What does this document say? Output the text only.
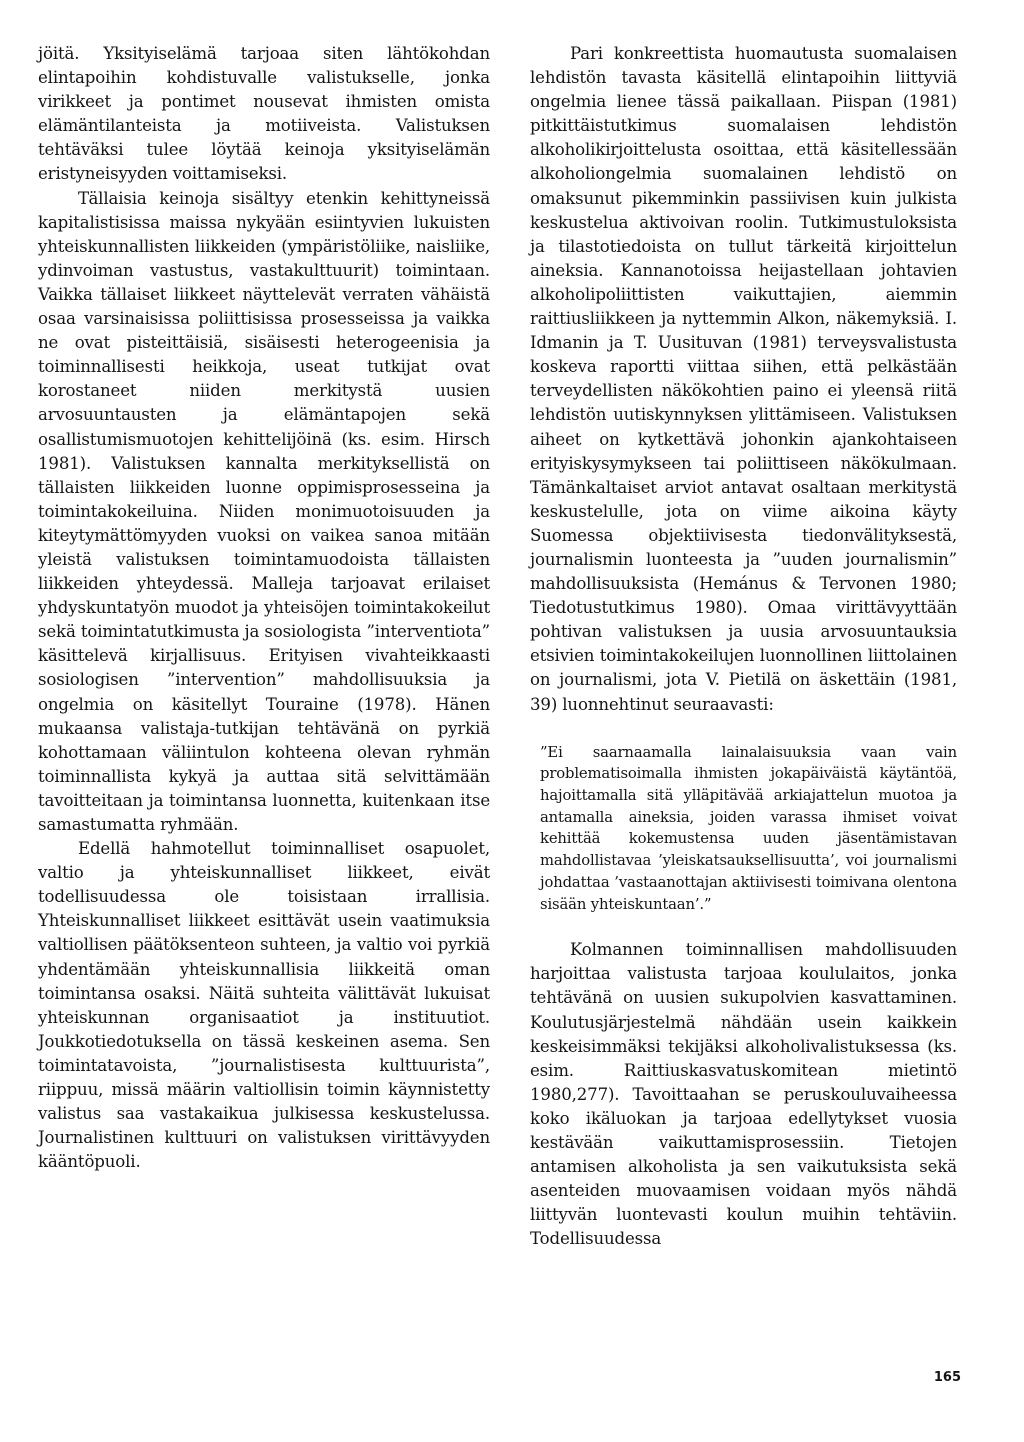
jöitä. Yksityiselämä tarjoaa siten lähtökohdan elintapoihin kohdistuvalle valistukselle, jonka virikkeet ja pontimet nousevat ihmisten omista elämäntilanteista ja motiiveista. Valistuksen tehtäväksi tulee löytää keinoja yksityiselämän eristyneisyyden voittamiseksi.

Tällaisia keinoja sisältyy etenkin kehittyneissä kapitalistisissa maissa nykyään esiintyvien lukuisten yhteiskunnallisten liikkeiden (ympäristöliike, naisliike, ydinvoiman vastustus, vastakulttuurit) toimintaan. Vaikka tällaiset liikkeet näyttelevät verraten vähäistä osaa varsinaisissa poliittisissa prosesseissa ja vaikka ne ovat pisteittäisiä, sisäisesti heterogeenisia ja toiminnallisesti heikkoja, useat tutkijat ovat korostaneet niiden merkitystä uusien arvosuuntausten ja elämäntapojen sekä osallistumismuotojen kehittelijöinä (ks. esim. Hirsch 1981). Valistuksen kannalta merkityksellistä on tällaisten liikkeiden luonne oppimisprosesseina ja toimintakokeiluina. Niiden monimuotoisuuden ja kiteytymättömyyden vuoksi on vaikea sanoa mitään yleistä valistuksen toimintamuodoista tällaisten liikkeiden yhteydessä. Malleja tarjoavat erilaiset yhdyskuntatyön muodot ja yhteisöjen toimintakokeilut sekä toimintatutkimusta ja sosiologista ”interventiota” käsittelevä kirjallisuus. Erityisen vivahteikkaasti sosiologisen ”intervention” mahdollisuuksia ja ongelmia on käsitellyt Touraine (1978). Hänen mukaansa valistaja-tutkijan tehtävänä on pyrkiä kohottamaan väliintulon kohteena olevan ryhmän toiminnallista kykyä ja auttaa sitä selvittämään tavoitteitaan ja toimintansa luonnetta, kuitenkaan itse samastumatta ryhmään.

Edellä hahmotellut toiminnalliset osapuolet, valtio ja yhteiskunnalliset liikkeet, eivät todellisuudessa ole toisistaan irrallisia. Yhteiskunnalliset liikkeet esittävät usein vaatimuksia valtiollisen päätöksenteon suhteen, ja valtio voi pyrkiä yhdentämään yhteiskunnallisia liikkeitä oman toimintansa osaksi. Näitä suhteita välittävät lukuisat yhteiskunnan organisaatiot ja instituutiot. Joukkotiedotuksella on tässä keskeinen asema. Sen toimintatavoista, ”journalistisesta kulttuurista”, riippuu, missä määrin valtiollisin toimin käynnistetty valistus saa vastakaikua julkisessa keskustelussa. Journalistinen kulttuuri on valistuksen virittävyyden kääntöpuoli.

Pari konkreettista huomautusta suomalaisen lehdistön tavasta käsitellä elintapoihin liittyviä ongelmia lienee tässä paikallaan. Piispan (1981) pitkittäistutkimus suomalaisen lehdistön alkoholikirjoittelusta osoittaa, että käsitellessään alkoholiongelmia suomalainen lehdistö on omaksunut pikemminkin passiivisen kuin julkista keskustelua aktivoivan roolin. Tutkimustuloksista ja tilastotiedoista on tullut tärkeitä kirjoittelun aineksia. Kannanotoissa heijastellaan johtavien alkoholipoliittisten vaikuttajien, aiemmin raittiusliikkeen ja nyttemmin Alkon, näkemyksiä. I. Idmanin ja T. Uusituvan (1981) terveysvalistusta koskeva raportti viittaa siihen, että pelkästään terveydellisten näkökohtien paino ei yleensä riitä lehdistön uutiskynnyksen ylittämiseen. Valistuksen aiheet on kytkettävä johonkin ajankohtaiseen erityiskysymykseen tai poliittiseen näkökulmaan. Tämänkaltaiset arviot antavat osaltaan merkitystä keskustelulle, jota on viime aikoina käyty Suomessa objektiivisesta tiedonvälityksestä, journalismin luonteesta ja ”uuden journalismin” mahdollisuuksista (Hemánus & Tervonen 1980; Tiedotustutkimus 1980). Omaa virittävyyttään pohtivan valistuksen ja uusia arvosuuntauksia etsivien toimintakokeilujen luonnollinen liittolainen on journalismi, jota V. Pietilä on äskettäin (1981, 39) luonnehtinut seuraavasti:

”Ei saarnaamalla lainalaisuuksia vaan vain problematisoimalla ihmisten jokapäiväistä käytäntöä, hajoittamalla sitä ylläpitävää arkiajattelun muotoa ja antamalla aineksia, joiden varassa ihmiset voivat kehittää kokemustensa uuden jäsentämistavan mahdollistavaa ’yleiskatsauksellisuutta’, voi journalismi johdattaa ’vastaanottajan aktiivisesti toimivana olentona sisään yhteiskuntaan’.”

Kolmannen toiminnallisen mahdollisuuden harjoittaa valistusta tarjoaa koululaitos, jonka tehtävänä on uusien sukupolvien kasvattaminen. Koulutusjärjestelmä nähdään usein kaikkein keskeisimmäksi tekijäksi alkoholivalistuksessa (ks. esim. Raittiuskasvatuskomitean mietintö 1980,277). Tavoittaahan se peruskouluvaiheessa koko ikäluokan ja tarjoaa edellytykset vuosia kestävään vaikuttamisprosessiin. Tietojen antamisen alkoholista ja sen vaikutuksista sekä asenteiden muovaamisen voidaan myös nähdä liittyvän luontevasti koulun muihin tehtäviin. Todellisuudessa

165
